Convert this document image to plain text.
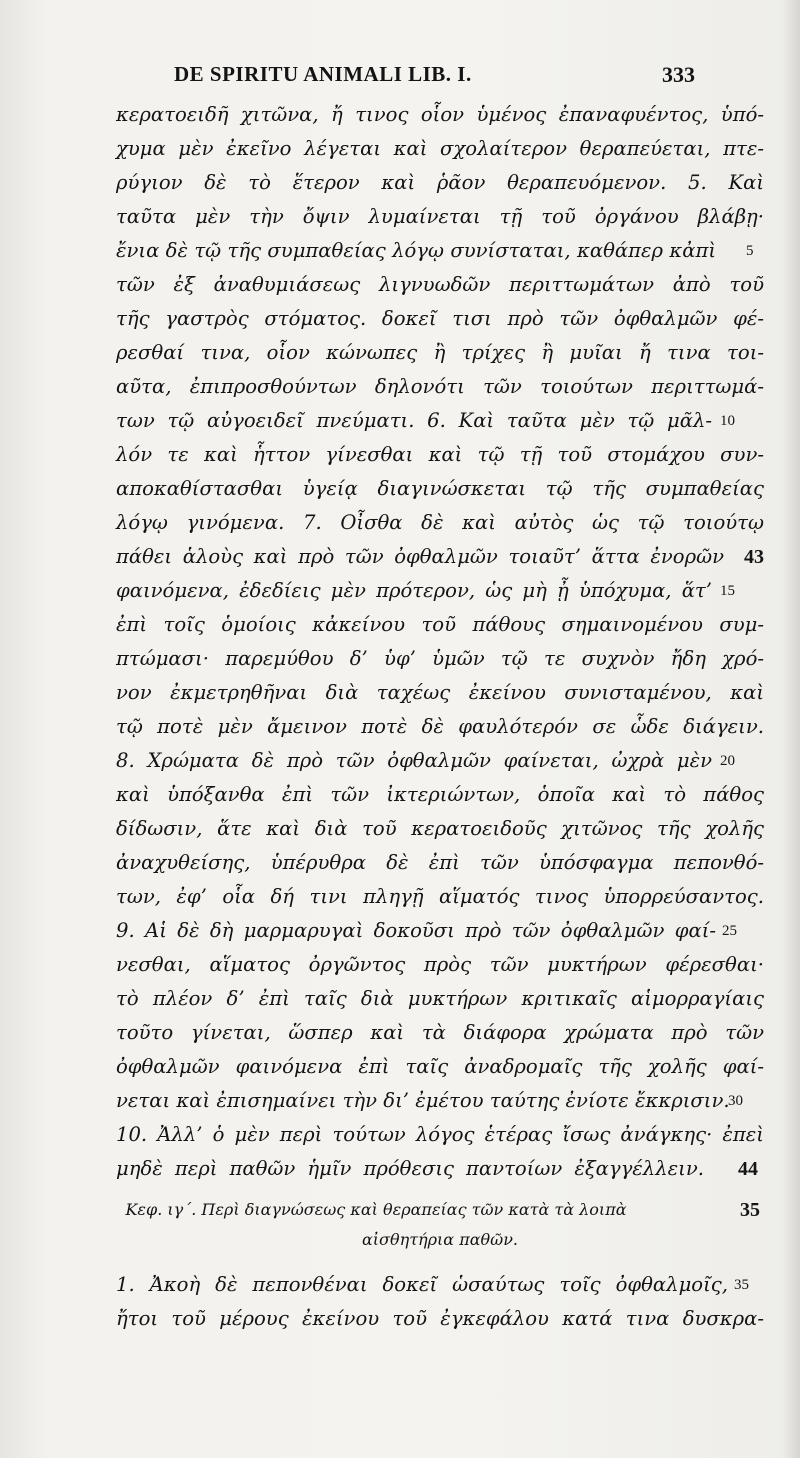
DE SPIRITU ANIMALI LIB. I.	333
κερατοειδῆ χιτῶνα, ἤ τινος οἷον ὑμένος ἐπαναφυέντος, ὑπό-
χυμα μὲν ἐκεῖνο λέγεται καὶ σχολαίτερον θεραπεύεται, πτε-
ρύγιον δὲ τὸ ἕτερον καὶ ῥᾶον θεραπευόμενον. 5. Καὶ
ταῦτα μὲν τὴν ὄψιν λυμαίνεται τῇ τοῦ ὀργάνου βλάβῃ·
ἔνια δὲ τῷ τῆς συμπαθείας λόγῳ συνίσταται, καθάπερ κἀπὶ 5
τῶν ἐξ ἀναθυμιάσεως λιγνυωδῶν περιττωμάτων ἀπὸ τοῦ
τῆς γαστρὸς στόματος. δοκεῖ τισι πρὸ τῶν ὀφθαλμῶν φέ-
ρεσθαί τινα, οἷον κώνωπες ἢ τρίχες ἢ μυῖαι ἤ τινα τοι-
αῦτα, ἐπιπροσθούντων δηλονότι τῶν τοιούτων περιττωμά-
των τῷ αὐγοειδεῖ πνεύματι. 6. Καὶ ταῦτα μὲν τῷ μᾶλ- 10
λόν τε καὶ ἧττον γίνεσθαι καὶ τῷ τῇ τοῦ στομάχου συν-
αποκαθίστασθαι ὑγείᾳ διαγινώσκεται τῷ τῆς συμπαθείας
λόγῳ γινόμενα. 7. Οἶσθα δὲ καὶ αὐτὸς ὡς τῷ τοιούτῳ
πάθει ἁλοὺς καὶ πρὸ τῶν ὀφθαλμῶν τοιαῦτ’ ἅττα ἐνορῶν 43
φαινόμενα, ἐδεδίεις μὲν πρότερον, ὡς μὴ ᾖ ὑπόχυμα, ἅτ’ 15
ἐπὶ τοῖς ὁμοίοις κἀκείνου τοῦ πάθους σημαινομένου συμ-
πτώμασι· παρεμύθου δ’ ὑφ’ ὑμῶν τῷ τε συχνὸν ἤδη χρό-
νον ἐκμετρηθῆναι διὰ ταχέως ἐκείνου συνισταμένου, καὶ
τῷ ποτὲ μὲν ἄμεινον ποτὲ δὲ φαυλότερόν σε ὧδε διάγειν.
8. Χρώματα δὲ πρὸ τῶν ὀφθαλμῶν φαίνεται, ὠχρὰ μὲν 20
καὶ ὑπόξανθα ἐπὶ τῶν ἰκτεριώντων, ὁποῖα καὶ τὸ πάθος
δίδωσιν, ἅτε καὶ διὰ τοῦ κερατοειδοῦς χιτῶνος τῆς χολῆς
ἀναχυθείσης, ὑπέρυθρα δὲ ἐπὶ τῶν ὑπόσφαγμα πεπονθό-
των, ἐφ’ οἷα δή τινι πληγῇ αἵματός τινος ὑπορρεύσαντος.
9. Αἱ δὲ δὴ μαρμαρυγαὶ δοκοῦσι πρὸ τῶν ὀφθαλμῶν φαί- 25
νεσθαι, αἵματος ὀργῶντος πρὸς τῶν μυκτήρων φέρεσθαι·
τὸ πλέον δ’ ἐπὶ ταῖς διὰ μυκτήρων κριτικαῖς αἱμορραγίαις
τοῦτο γίνεται, ὥσπερ καὶ τὰ διάφορα χρώματα πρὸ τῶν
ὀφθαλμῶν φαινόμενα ἐπὶ ταῖς ἀναδρομαῖς τῆς χολῆς φαί-
νεται καὶ ἐπισημαίνει τὴν δι’ ἐμέτου ταύτης ἐνίοτε ἔκκρισιν.
30
10. Ἀλλ’ ὁ μὲν περὶ τούτων λόγος ἑτέρας ἴσως ἀνάγκης· ἐπεὶ
μηδὲ περὶ παθῶν ἡμῖν πρόθεσις παντοίων ἐξαγγέλλειν. 44
Κεφ. ιγ΄. Περὶ διαγνώσεως καὶ θεραπείας τῶν κατὰ τὰ λοιπὰ	35
αἰσθητήρια παθῶν.
1. Ἀκοὴ δὲ πεπονθέναι δοκεῖ ὡσαύτως τοῖς ὀφθαλμοῖς, 35
ἤτοι τοῦ μέρους ἐκείνου τοῦ ἐγκεφάλου κατά τινα δυσκρα-
